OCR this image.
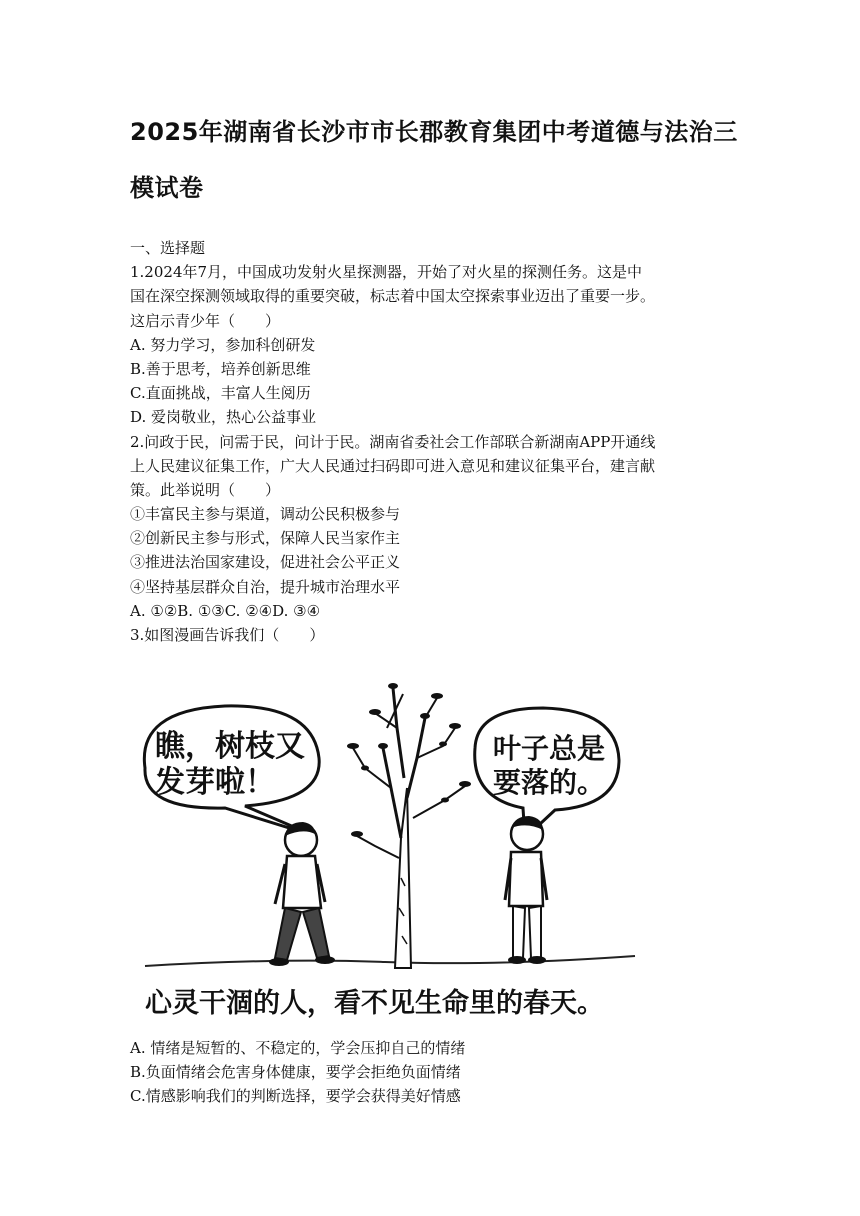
2025年湖南省长沙市市长郡教育集团中考道德与法治三
模试卷
一、选择题
1.2024年7月，中国成功发射火星探测器，开始了对火星的探测任务。这是中
国在深空探测领域取得的重要突破，标志着中国太空探索事业迈出了重要一步。
这启示青少年（　　）
A. 努力学习，参加科创研发
B.善于思考，培养创新思维
C.直面挑战，丰富人生阅历
D. 爱岗敬业，热心公益事业
2.问政于民，问需于民，问计于民。湖南省委社会工作部联合新湖南APP开通线
上人民建议征集工作，广大人民通过扫码即可进入意见和建议征集平台，建言献
策。此举说明（　　）
①丰富民主参与渠道，调动公民积极参与
②创新民主参与形式，保障人民当家作主
③推进法治国家建设，促进社会公平正义
④坚持基层群众自治，提升城市治理水平
A. ①②B. ①③C. ②④D. ③④
3.如图漫画告诉我们（　　）
瞧，树枝又
发芽啦！
叶子总是
要落的。
心灵干涸的人，看不见生命里的春天。
A. 情绪是短暂的、不稳定的，学会压抑自己的情绪
B.负面情绪会危害身体健康，要学会拒绝负面情绪
C.情感影响我们的判断选择，要学会获得美好情感
